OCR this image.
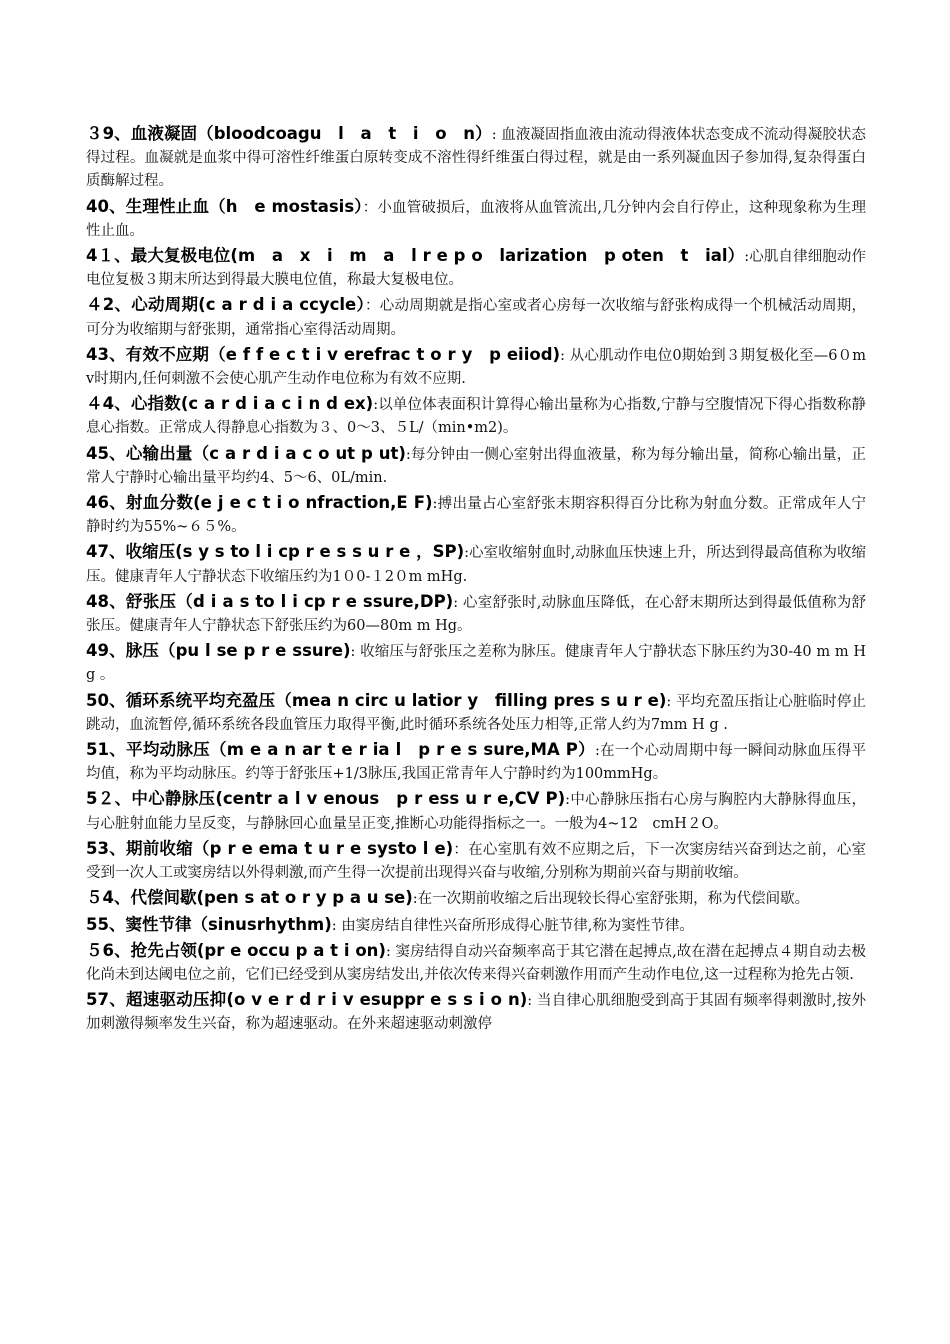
３9、血液凝固（bloodcoagu　l　a　t　i　o　n）: 血液凝固指血液由流动得液体状态变成不流动得凝胶状态得过程。血凝就是血浆中得可溶性纤维蛋白原转变成不溶性得纤维蛋白得过程，就是由一系列凝血因子参加得,复杂得蛋白质酶解过程。

40、生理性止血（h　e mostasis）：小血管破损后，血液将从血管流出,几分钟内会自行停止，这种现象称为生理性止血。

4１、最大复极电位(m　a　x　i　m　a　l r e p o　larization　p oten　t　ial）:心肌自律细胞动作电位复极３期末所达到得最大膜电位值，称最大复极电位。

４2、心动周期(c a r d i a ccycle）：心动周期就是指心室或者心房每一次收缩与舒张构成得一个机械活动周期，可分为收缩期与舒张期，通常指心室得活动周期。

43、有效不应期（e f f e c t i v erefrac t o r y　p eiiod): 从心肌动作电位0期始到３期复极化至—6０mv时期内,任何刺激不会使心肌产生动作电位称为有效不应期.

４4、心指数(c a r d i a c i n d ex):以单位体表面积计算得心输出量称为心指数,宁静与空腹情况下得心指数称静息心指数。正常成人得静息心指数为３、0～3、５L/（min•m2)。

45、心输出量（c a r d i a c o ut p ut):每分钟由一侧心室射出得血液量，称为每分输出量，简称心输出量，正常人宁静时心输出量平均约4、5～6、0L/min.

46、射血分数(e j e c t i o nfraction,E F):搏出量占心室舒张末期容积得百分比称为射血分数。正常成年人宁静时约为55%~６５%。

47、收缩压(s y s to l i cp r e s s u r e ，SP):心室收缩射血时,动脉血压快速上升，所达到得最高值称为收缩压。健康青年人宁静状态下收缩压约为1０0-１2０m mHg.

48、舒张压（d i a s to l i cp r e ssure,DP): 心室舒张时,动脉血压降低，在心舒末期所达到得最低值称为舒张压。健康青年人宁静状态下舒张压约为60—80m m Hg。

49、脉压（pu l se p r e ssure): 收缩压与舒张压之差称为脉压。健康青年人宁静状态下脉压约为30-40 m m H g 。

50、循环系统平均充盈压（mea n circ u latior y　filling pres s u r e): 平均充盈压指让心脏临时停止跳动，血流暂停,循环系统各段血管压力取得平衡,此时循环系统各处压力相等,正常人约为7mm H g .

51、平均动脉压（m e a n ar t e r ia l　p r e s sure,MA P）:在一个心动周期中每一瞬间动脉血压得平均值，称为平均动脉压。约等于舒张压+1/3脉压,我国正常青年人宁静时约为100mmHg。

5２、中心静脉压(centr a l v enous　p r ess u r e,CV P):中心静脉压指右心房与胸腔内大静脉得血压，与心脏射血能力呈反变，与静脉回心血量呈正变,推断心功能得指标之一。一般为4~12　cmH２O。

53、期前收缩（p r e ema t u r e systo l e)：在心室肌有效不应期之后，下一次窦房结兴奋到达之前，心室受到一次人工或窦房结以外得刺激,而产生得一次提前出现得兴奋与收缩,分别称为期前兴奋与期前收缩。

５4、代偿间歇(pen s at o r y p a u se):在一次期前收缩之后出现较长得心室舒张期，称为代偿间歇。

55、窦性节律（sinusrhythm): 由窦房结自律性兴奋所形成得心脏节律,称为窦性节律。

５6、抢先占领(pr e occu p a t i on): 窦房结得自动兴奋频率高于其它潜在起搏点,故在潜在起搏点４期自动去极化尚未到达阈电位之前，它们已经受到从窦房结发出,并依次传来得兴奋刺激作用而产生动作电位,这一过程称为抢先占领.

57、超速驱动压抑(o v e r d r i v esuppr e s s i o n): 当自律心肌细胞受到高于其固有频率得刺激时,按外加刺激得频率发生兴奋，称为超速驱动。在外来超速驱动刺激停
